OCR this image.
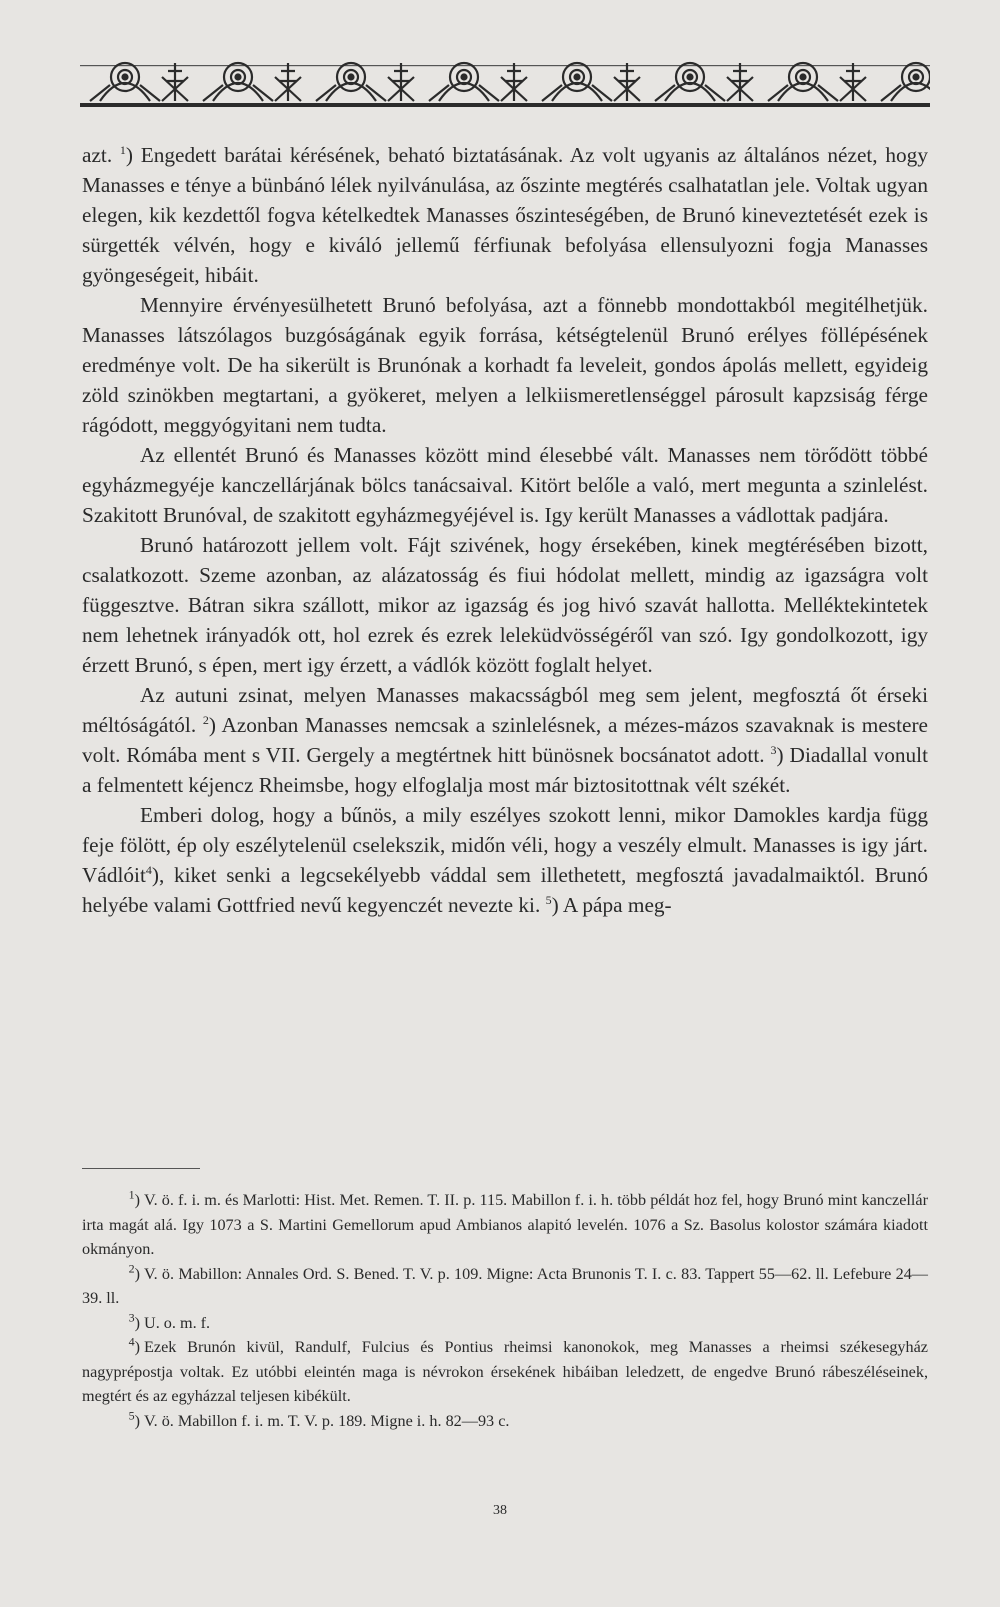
azt. $^1$) Engedett barátai kérésének, beható biztatásának. Az volt ugyanis az általános nézet, hogy Manasses e ténye a bünbánó lélek nyilvánulása, az őszinte megtérés csalhatatlan jele. Voltak ugyan elegen, kik kezdettől fogva kételkedtek Manasses őszinteségében, de Brunó kineveztetését ezek is sürgették vélvén, hogy e kiváló jellemű férfiunak befolyása ellensulyozni fogja Manasses gyöngeségeit, hibáit.

Mennyire érvényesülhetett Brunó befolyása, azt a fönnebb mondottakból megitélhetjük. Manasses látszólagos buzgóságának egyik forrása, kétségtelenül Brunó erélyes föllépésének eredménye volt. De ha sikerült is Brunónak a korhadt fa leveleit, gondos ápolás mellett, egyideig zöld szinökben megtartani, a gyökeret, melyen a lelkiismeretlenséggel párosult kapzsiság férge rágódott, meggyógyitani nem tudta.

Az ellentét Brunó és Manasses között mind élesebbé vált. Manasses nem törődött többé egyházmegyéje kanczellárjának bölcs tanácsaival. Kitört belőle a való, mert megunta a szinlelést. Szakitott Brunóval, de szakitott egyházmegyéjével is. Igy került Manasses a vádlottak padjára.

Brunó határozott jellem volt. Fájt szivének, hogy érsekében, kinek megtérésében bizott, csalatkozott. Szeme azonban, az alázatosság és fiui hódolat mellett, mindig az igazságra volt függesztve. Bátran sikra szállott, mikor az igazság és jog hivó szavát hallotta. Melléktekintetek nem lehetnek irányadók ott, hol ezrek és ezrek leleküdvösségéről van szó. Igy gondolkozott, igy érzett Brunó, s épen, mert igy érzett, a vádlók között foglalt helyet.

Az autuni zsinat, melyen Manasses makacsságból meg sem jelent, megfosztá őt érseki méltóságától. $^2$) Azonban Manasses nemcsak a szinlelésnek, a mézes-mázos szavaknak is mestere volt. Rómába ment s VII. Gergely a megtértnek hitt bünösnek bocsánatot adott. $^3$) Diadallal vonult a felmentett kéjencz Rheimsbe, hogy elfoglalja most már biztositottnak vélt székét.

Emberi dolog, hogy a bűnös, a mily eszélyes szokott lenni, mikor Damokles kardja függ feje fölött, ép oly eszélytelenül cselekszik, midőn véli, hogy a veszély elmult. Manasses is igy járt. Vádlóit$^4$), kiket senki a legcsekélyebb váddal sem illethetett, megfosztá javadalmaiktól. Brunó helyébe valami Gottfried nevű kegyenczét nevezte ki. $^5$) A pápa meg-

$^1$) V. ö. f. i. m. és Marlotti: Hist. Met. Remen. T. II. p. 115. Mabillon f. i. h. több példát hoz fel, hogy Brunó mint kanczellár irta magát alá. Igy 1073 a S. Martini Gemellorum apud Ambianos alapitó levelén. 1076 a Sz. Basolus kolostor számára kiadott okmányon.

$^2$) V. ö. Mabillon: Annales Ord. S. Bened. T. V. p. 109. Migne: Acta Brunonis T. I. c. 83. Tappert 55—62. ll. Lefebure 24—39. ll.

$^3$) U. o. m. f.

$^4$) Ezek Brunón kivül, Randulf, Fulcius és Pontius rheimsi kanonokok, meg Manasses a rheimsi székesegyház nagyprépostja voltak. Ez utóbbi eleintén maga is névrokon érsekének hibáiban leledzett, de engedve Brunó rábeszéléseinek, megtért és az egyházzal teljesen kibékült.

$^5$) V. ö. Mabillon f. i. m. T. V. p. 189. Migne i. h. 82—93 c.

38
